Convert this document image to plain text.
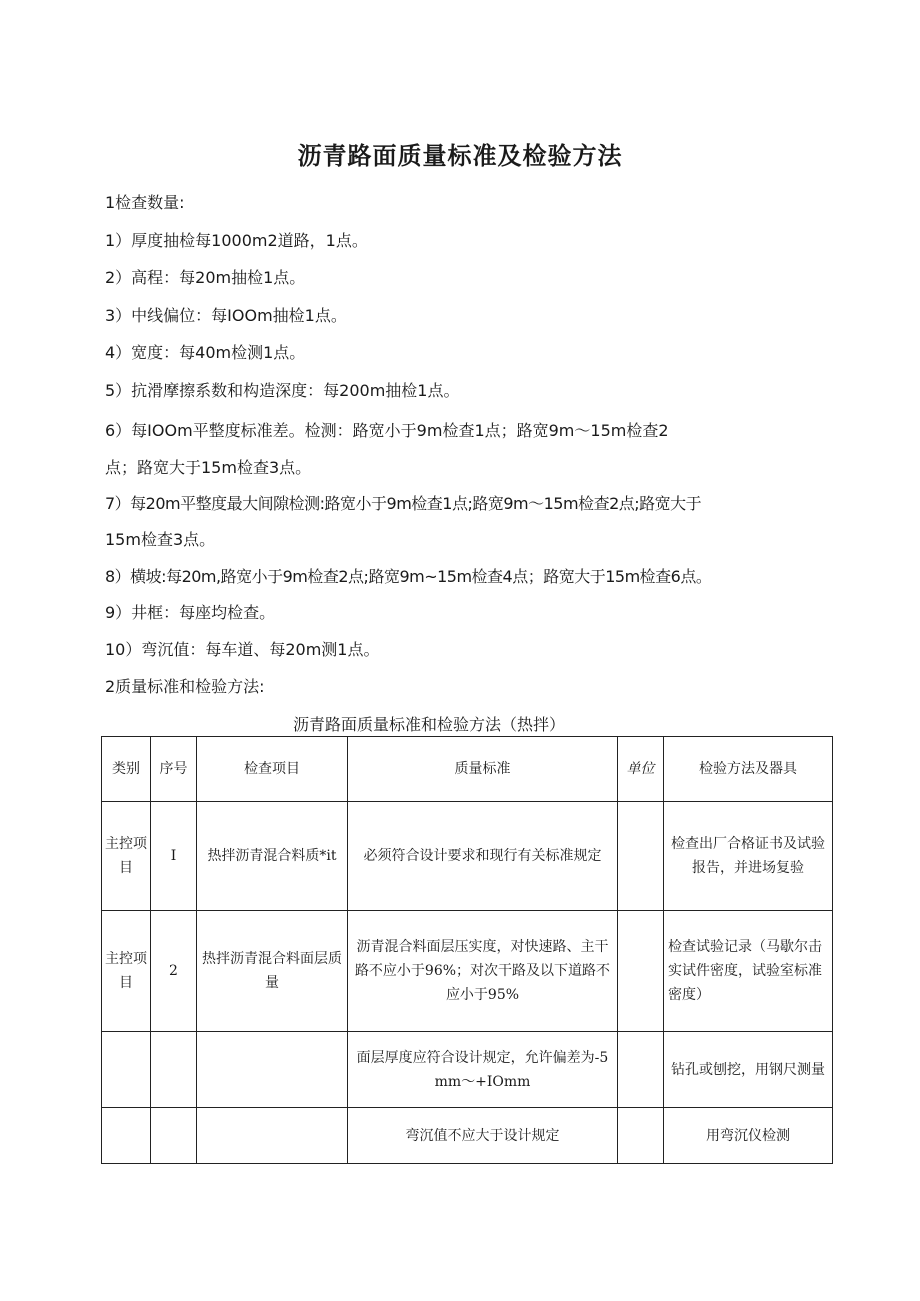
沥青路面质量标准及检验方法
1检查数量:
1）厚度抽检每1000m2道路，1点。
2）高程：每20m抽检1点。
3）中线偏位：每IOOm抽检1点。
4）宽度：每40m检测1点。
5）抗滑摩擦系数和构造深度：每200m抽检1点。
6）每IOOm平整度标准差。检测：路宽小于9m检查1点；路宽9m～15m检查2
点；路宽大于15m检查3点。
7）每20m平整度最大间隙检测:路宽小于9m检查1点;路宽9m～15m检查2点;路宽大于
15m检查3点。
8）横坡:每20m,路宽小于9m检查2点;路宽9m~15m检查4点；路宽大于15m检查6点。
9）井框：每座均检查。
10）弯沉值：每车道、每20m测1点。
2质量标准和检验方法:
沥青路面质量标准和检验方法（热拌）
类别	序号	检查项目	质量标准	单位	检验方法及器具
主控项目	I	热拌沥青混合料质*it	必须符合设计要求和现行有关标准规定		检查出厂合格证书及试验报告，并进场复验
主控项目	2	热拌沥青混合料面层质量	沥青混合料面层压实度，对快速路、主干路不应小于96%；对次干路及以下道路不应小于95%		检查试验记录（马歇尔击实试件密度，试验室标准密度）
			面层厚度应符合设计规定，允许偏差为-5mm～+IOmm		钻孔或刨挖，用钢尺测量
			弯沉值不应大于设计规定		用弯沉仪检测
